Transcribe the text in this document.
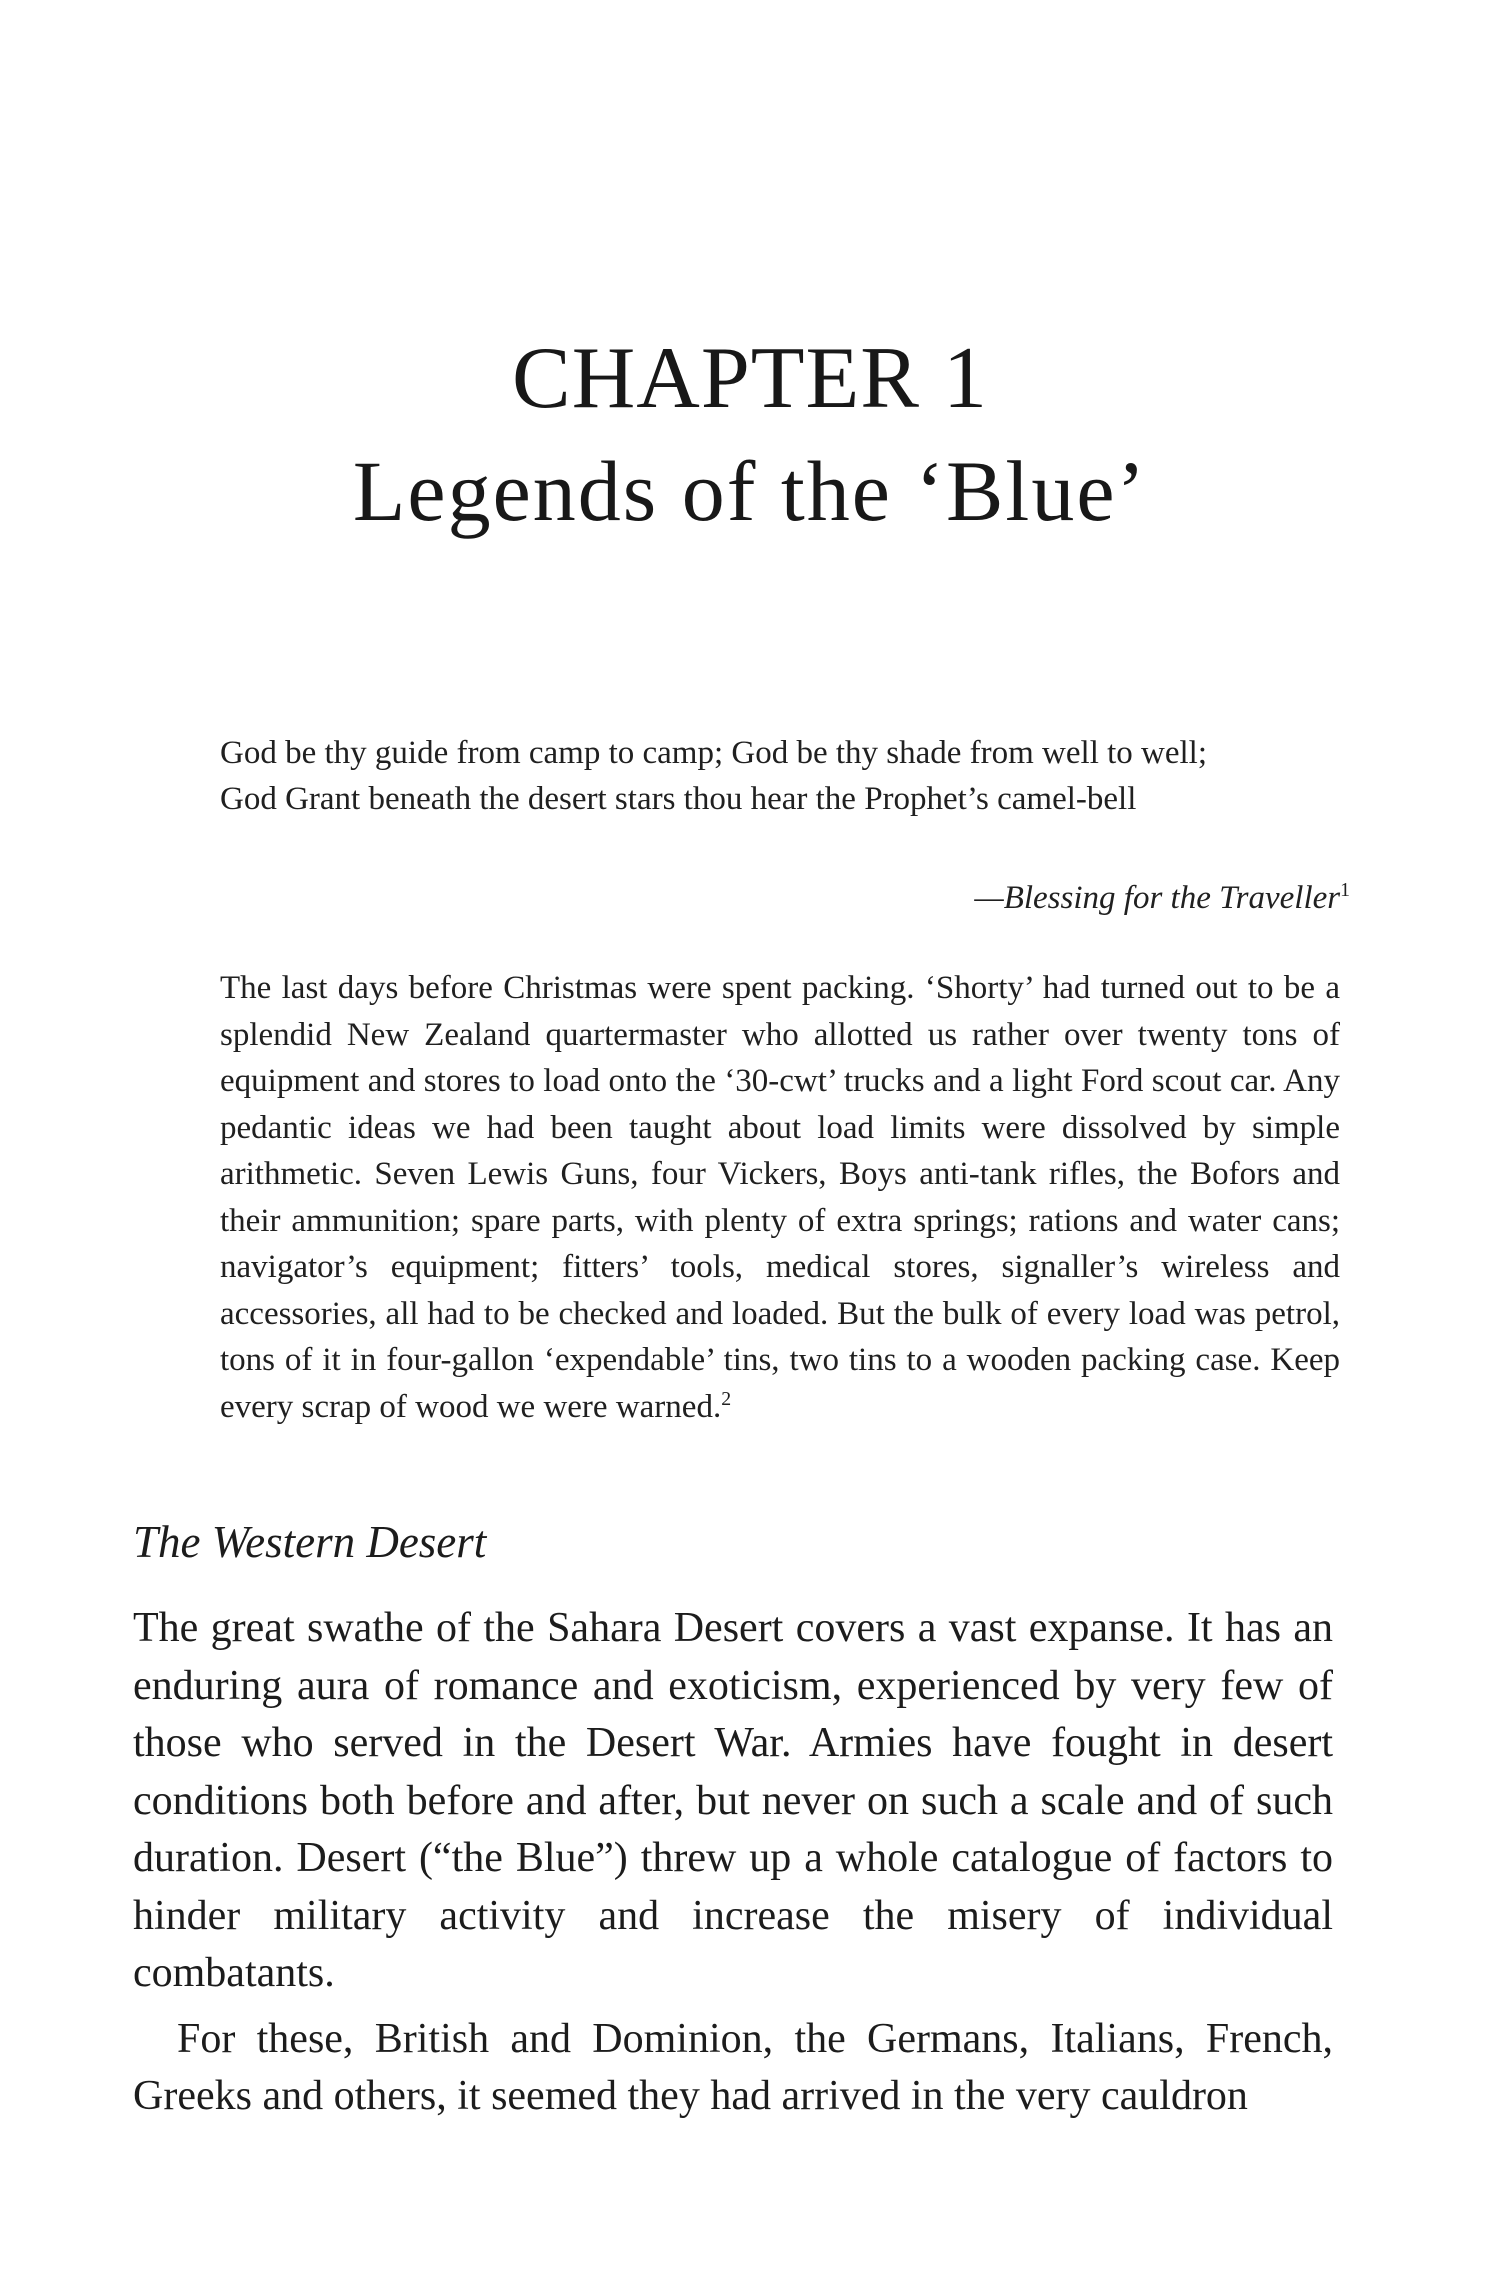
CHAPTER 1
Legends of the ‘Blue’
God be thy guide from camp to camp; God be thy shade from well to well;
God Grant beneath the desert stars thou hear the Prophet’s camel-bell
—Blessing for the Traveller$^1$

The last days before Christmas were spent packing. ‘Shorty’ had turned out to be a splendid New Zealand quartermaster who allotted us rather over twenty tons of equipment and stores to load onto the ‘30-cwt’ trucks and a light Ford scout car. Any pedantic ideas we had been taught about load limits were dissolved by simple arithmetic. Seven Lewis Guns, four Vickers, Boys anti-tank rifles, the Bofors and their ammunition; spare parts, with plenty of extra springs; rations and water cans; navigator’s equipment; fitters’ tools, medical stores, signaller’s wireless and accessories, all had to be checked and loaded. But the bulk of every load was petrol, tons of it in four-gallon ‘expendable’ tins, two tins to a wooden packing case. Keep every scrap of wood we were warned.$^2$

The Western Desert

The great swathe of the Sahara Desert covers a vast expanse. It has an enduring aura of romance and exoticism, experienced by very few of those who served in the Desert War. Armies have fought in desert conditions both before and after, but never on such a scale and of such duration. Desert (“the Blue”) threw up a whole catalogue of factors to hinder military activity and increase the misery of individual combatants.

For these, British and Dominion, the Germans, Italians, French, Greeks and others, it seemed they had arrived in the very cauldron
